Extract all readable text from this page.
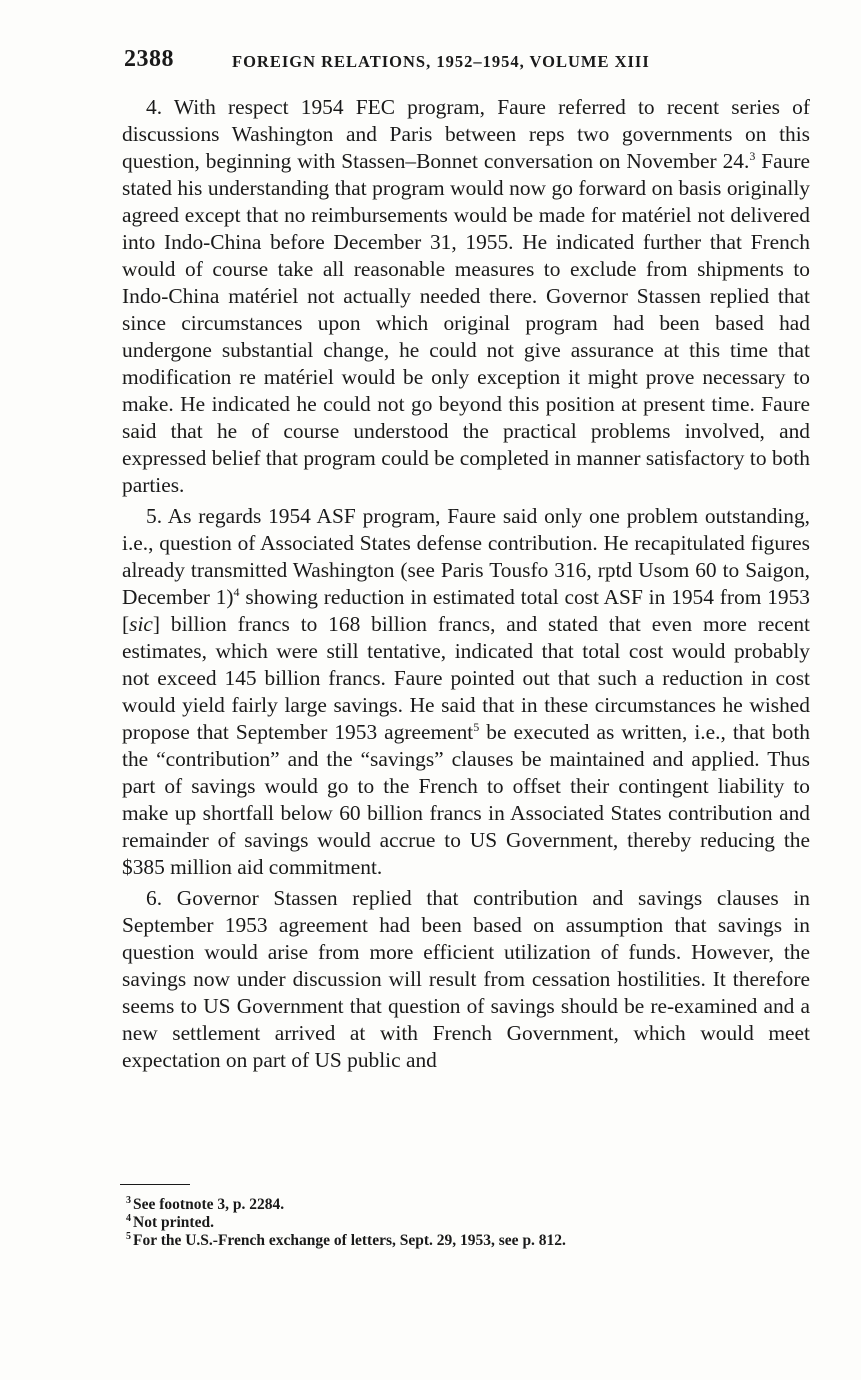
2388	FOREIGN RELATIONS, 1952–1954, VOLUME XIII

4. With respect 1954 FEC program, Faure referred to recent series of discussions Washington and Paris between reps two governments on this question, beginning with Stassen–Bonnet conversation on November 24.$^3$ Faure stated his understanding that program would now go forward on basis originally agreed except that no reimbursements would be made for matériel not delivered into Indo-China before December 31, 1955. He indicated further that French would of course take all reasonable measures to exclude from shipments to Indo-China matériel not actually needed there. Governor Stassen replied that since circumstances upon which original program had been based had undergone substantial change, he could not give assurance at this time that modification re matériel would be only exception it might prove necessary to make. He indicated he could not go beyond this position at present time. Faure said that he of course understood the practical problems involved, and expressed belief that program could be completed in manner satisfactory to both parties.

5. As regards 1954 ASF program, Faure said only one problem outstanding, i.e., question of Associated States defense contribution. He recapitulated figures already transmitted Washington (see Paris Tousfo 316, rptd Usom 60 to Saigon, December 1)$^4$ showing reduction in estimated total cost ASF in 1954 from 1953 [sic] billion francs to 168 billion francs, and stated that even more recent estimates, which were still tentative, indicated that total cost would probably not exceed 145 billion francs. Faure pointed out that such a reduction in cost would yield fairly large savings. He said that in these circumstances he wished propose that September 1953 agreement$^5$ be executed as written, i.e., that both the “contribution” and the “savings” clauses be maintained and applied. Thus part of savings would go to the French to offset their contingent liability to make up shortfall below 60 billion francs in Associated States contribution and remainder of savings would accrue to US Government, thereby reducing the $385 million aid commitment.

6. Governor Stassen replied that contribution and savings clauses in September 1953 agreement had been based on assumption that savings in question would arise from more efficient utilization of funds. However, the savings now under discussion will result from cessation hostilities. It therefore seems to US Government that question of savings should be re-examined and a new settlement arrived at with French Government, which would meet expectation on part of US public and

$^3$ See footnote 3, p. 2284.

$^4$ Not printed.

$^5$ For the U.S.-French exchange of letters, Sept. 29, 1953, see p. 812.
